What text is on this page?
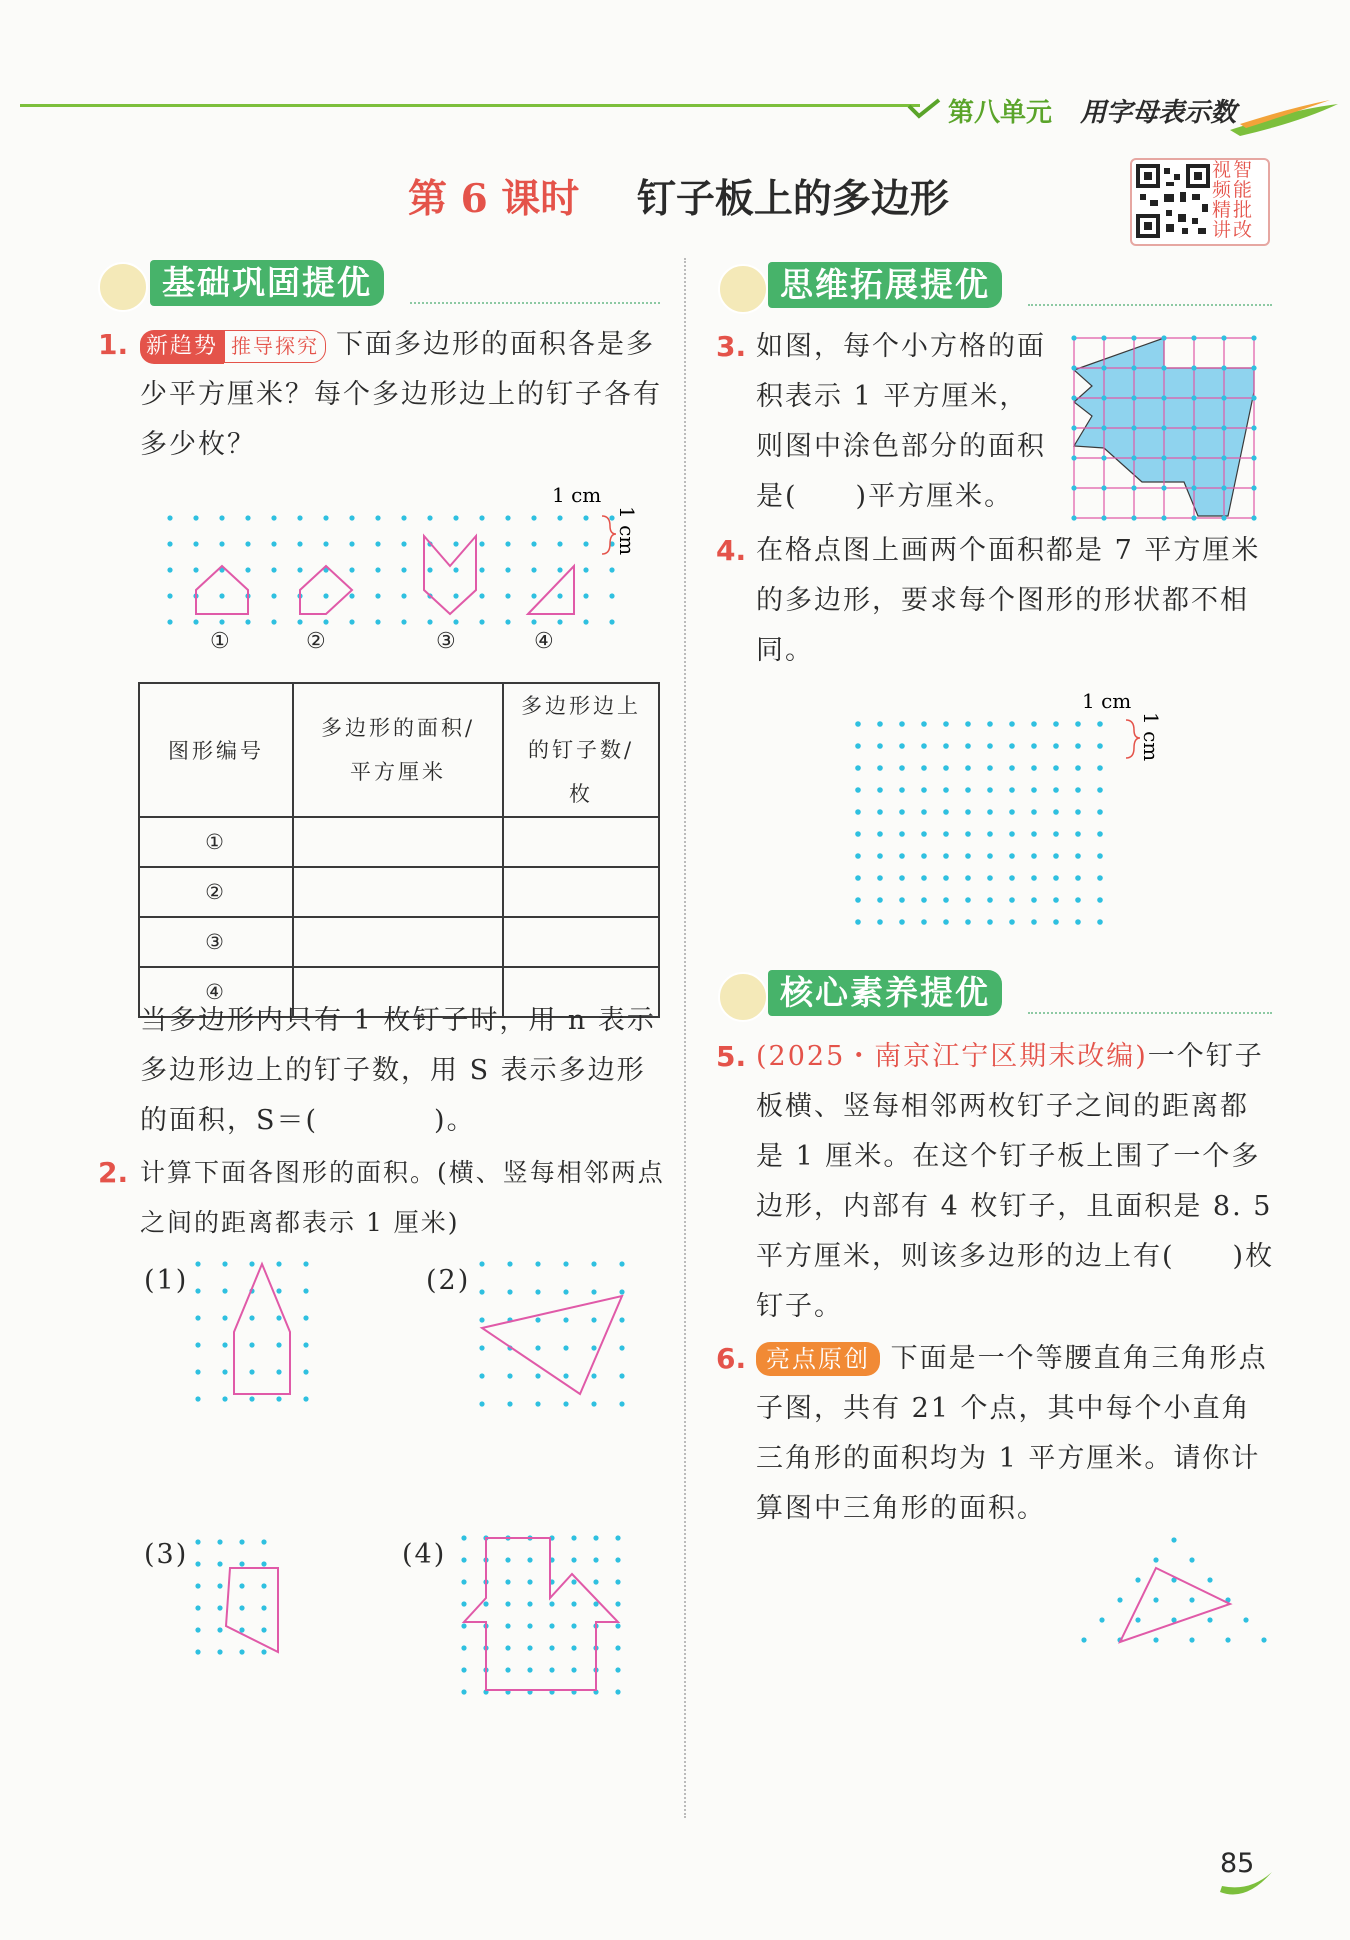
第八单元 用字母表示数
第 6 课时 钉子板上的多边形
视智频能精批讲改
基础巩固提优
1. 新趋势 推导探究 下面多边形的面积各是多少平方厘米？每个多边形边上的钉子各有多少枚？
①	②	③	④
1 cm
1 cm
图形编号	多边形的面积/平方厘米	多边形边上的钉子数/枚
①		
②		
③		
④		
当多边形内只有 1 枚钉子时，用 n 表示多边形边上的钉子数，用 S 表示多边形的面积，S＝(　　　　)。
2. 计算下面各图形的面积。(横、竖每相邻两点之间的距离都表示 1 厘米)
(1)	(2)
(3)	(4)
思维拓展提优
3. 如图，每个小方格的面积表示 1 平方厘米，则图中涂色部分的面积是(　　)平方厘米。
4. 在格点图上画两个面积都是 7 平方厘米的多边形，要求每个图形的形状都不相同。
1 cm
1 cm
核心素养提优
5. (2025・南京江宁区期末改编)一个钉子板横、竖每相邻两枚钉子之间的距离都是 1 厘米。在这个钉子板上围了一个多边形，内部有 4 枚钉子，且面积是 8. 5 平方厘米，则该多边形的边上有(　　)枚钉子。
6. 亮点原创 下面是一个等腰直角三角形点子图，共有 21 个点，其中每个小直角三角形的面积均为 1 平方厘米。请你计算图中三角形的面积。
85
